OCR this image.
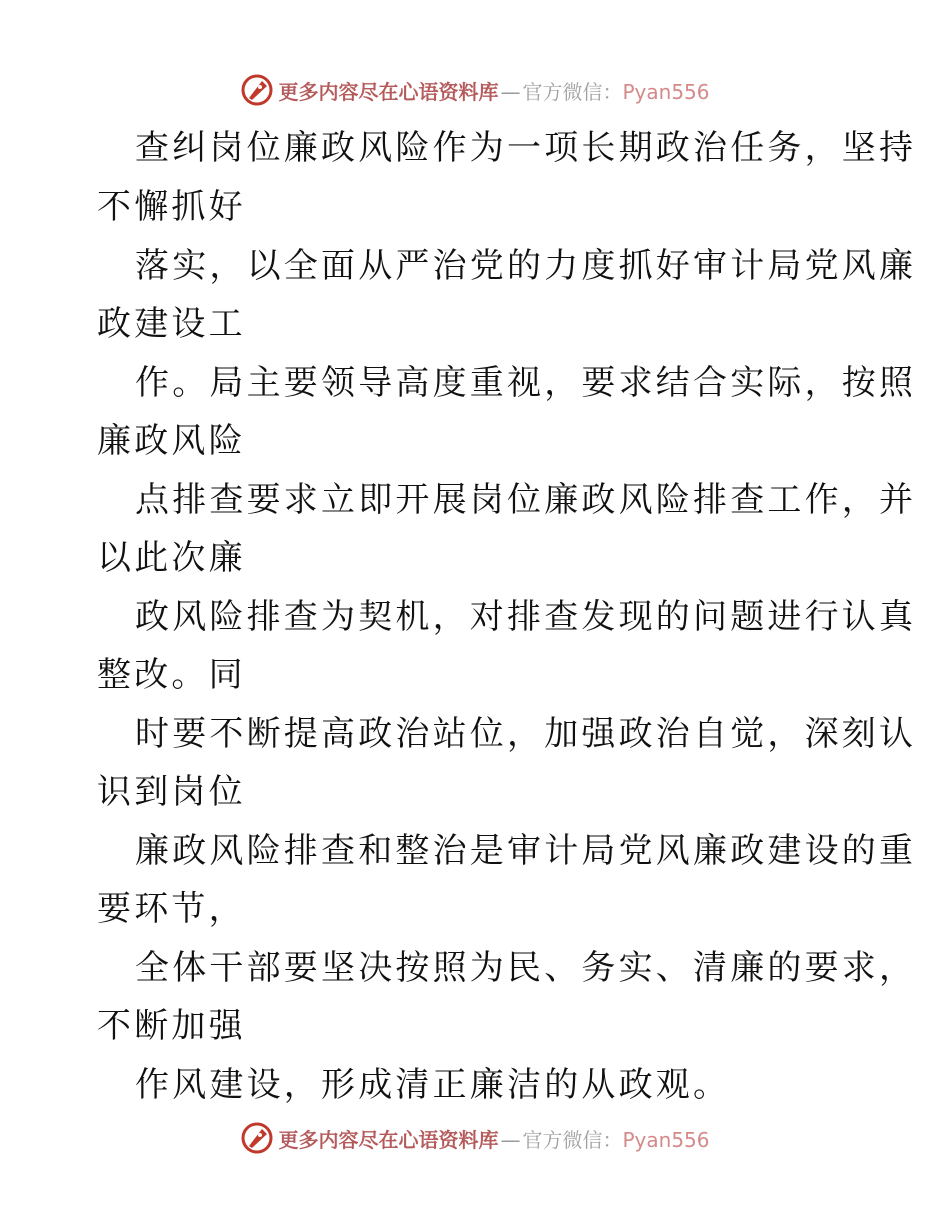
更多内容尽在心语资料库 — 官方微信：Pyan556
查纠岗位廉政风险作为一项长期政治任务，坚持
不懈抓好
落实，以全面从严治党的力度抓好审计局党风廉
政建设工
作。局主要领导高度重视，要求结合实际，按照
廉政风险
点排查要求立即开展岗位廉政风险排查工作，并
以此次廉
政风险排查为契机，对排查发现的问题进行认真
整改。同
时要不断提高政治站位，加强政治自觉，深刻认
识到岗位
廉政风险排查和整治是审计局党风廉政建设的重
要环节，
全体干部要坚决按照为民、务实、清廉的要求，
不断加强
作风建设，形成清正廉洁的从政观。
更多内容尽在心语资料库 — 官方微信：Pyan556
